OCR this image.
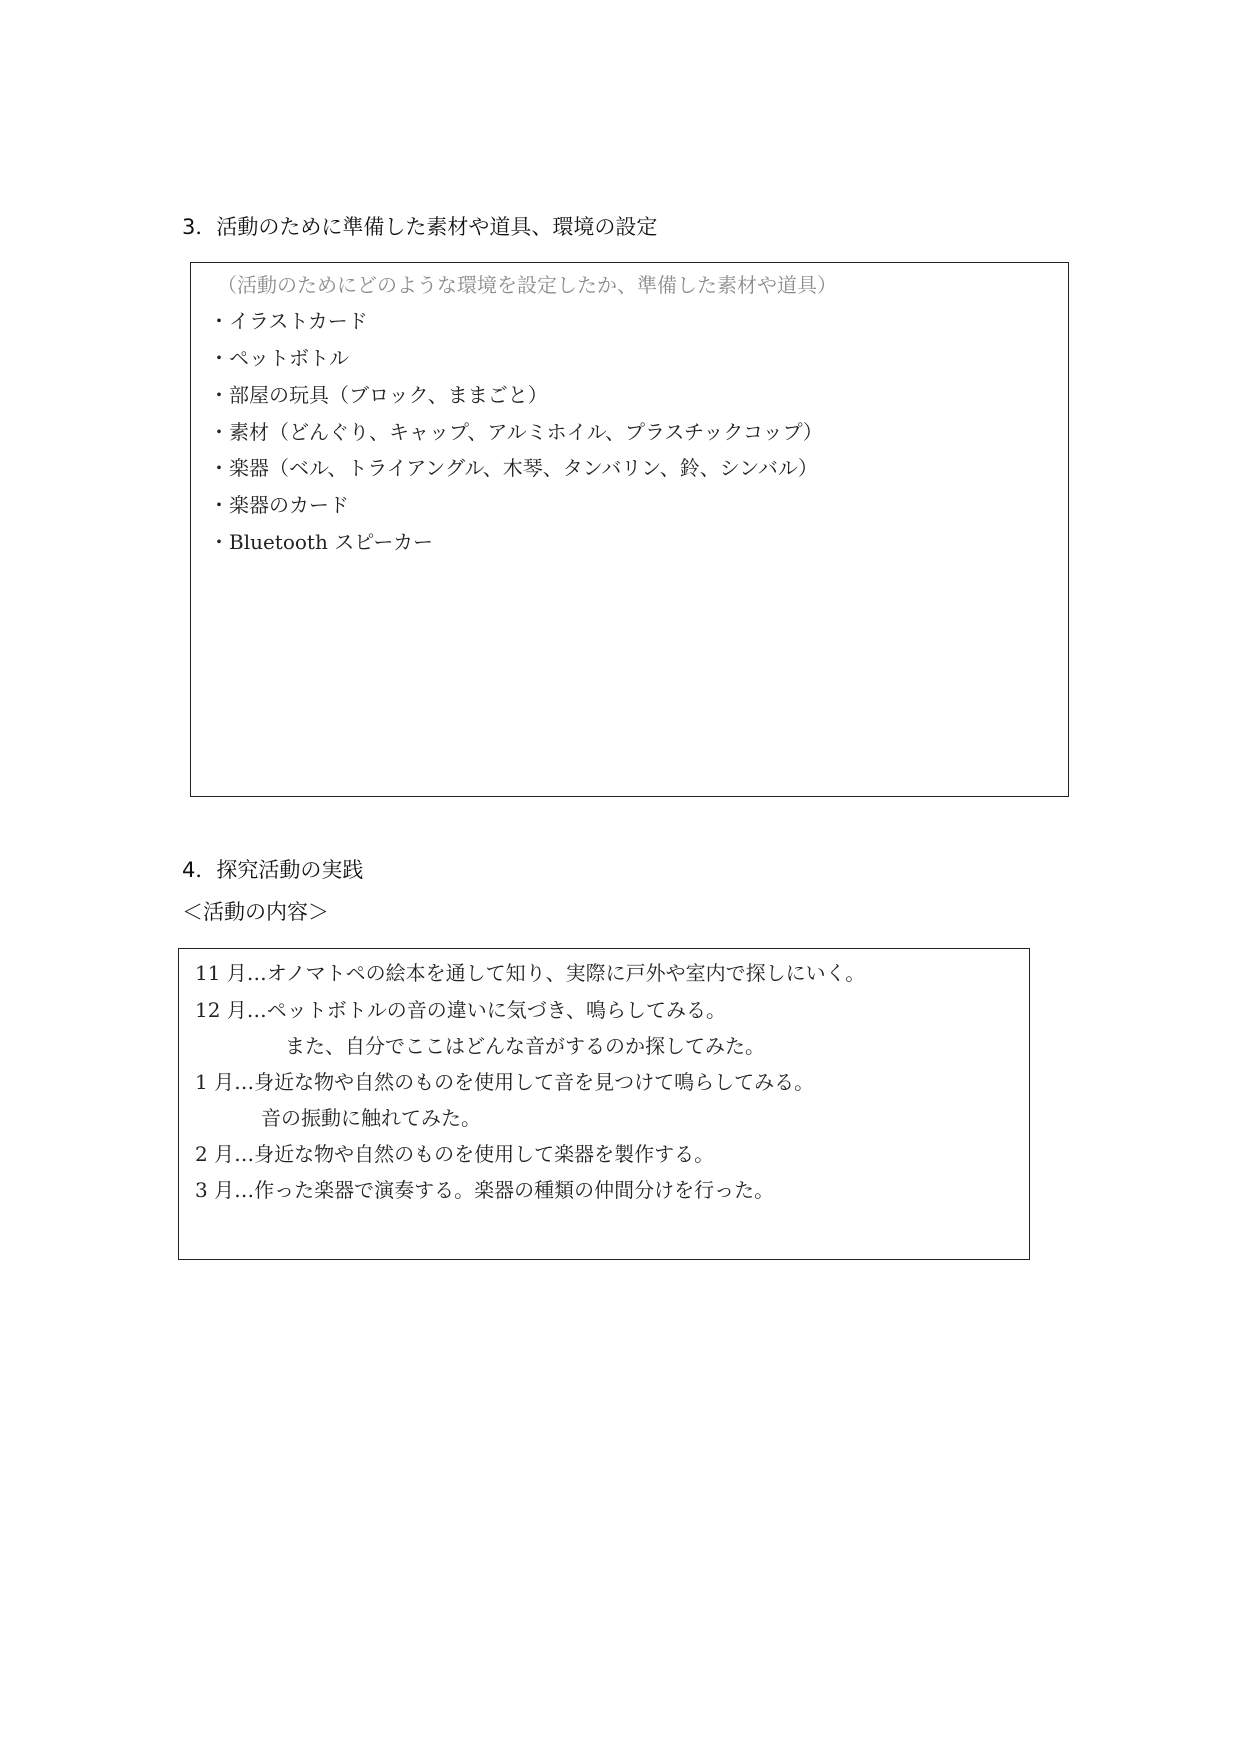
3．活動のために準備した素材や道具、環境の設定
（活動のためにどのような環境を設定したか、準備した素材や道具）
・イラストカード
・ペットボトル
・部屋の玩具（ブロック、ままごと）
・素材（どんぐり、キャップ、アルミホイル、プラスチックコップ）
・楽器（ベル、トライアングル、木琴、タンバリン、鈴、シンバル）
・楽器のカード
・Bluetooth スピーカー
4．探究活動の実践
＜活動の内容＞
11 月…オノマトペの絵本を通して知り、実際に戸外や室内で探しにいく。
12 月…ペットボトルの音の違いに気づき、鳴らしてみる。
また、自分でここはどんな音がするのか探してみた。
1 月…身近な物や自然のものを使用して音を見つけて鳴らしてみる。
音の振動に触れてみた。
2 月…身近な物や自然のものを使用して楽器を製作する。
3 月…作った楽器で演奏する。楽器の種類の仲間分けを行った。
